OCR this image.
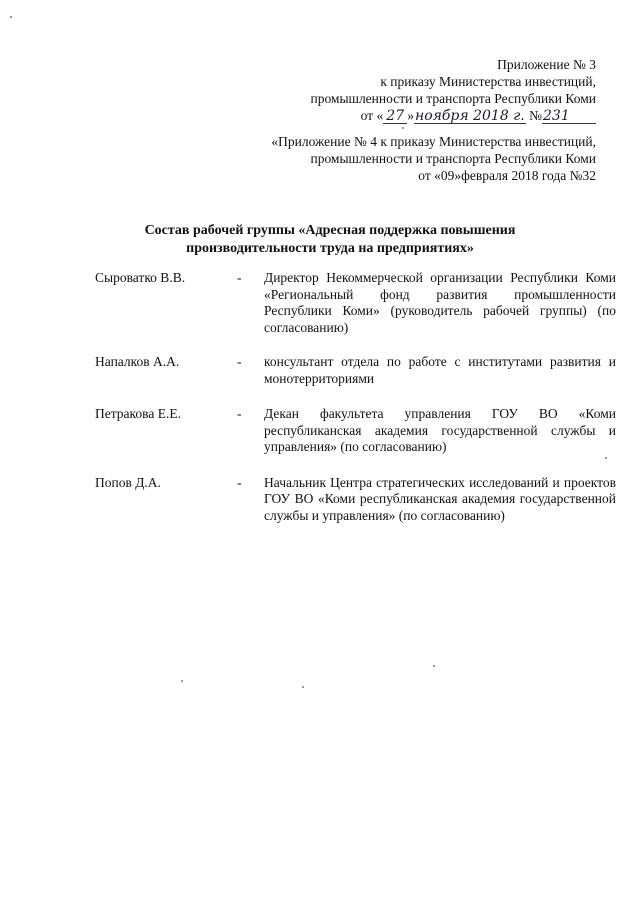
Приложение № 3
к приказу Министерства инвестиций,
промышленности и транспорта Республики Коми
от « 27 »ноября 2018 г. №231
«Приложение № 4 к приказу Министерства инвестиций,
промышленности и транспорта Республики Коми
от «09»февраля 2018 года №32
Состав рабочей группы «Адресная поддержка повышения
производительности труда на предприятиях»
Сыроватко В.В.	-	Директор Некоммерческой организации Республики Коми «Региональный фонд развития промышленности Республики Коми» (руководитель рабочей группы) (по согласованию)
Напалков А.А.	-	консультант отдела по работе с институтами развития и монотерриториями
Петракова Е.Е.	-	Декан факультета управления ГОУ ВО «Коми республиканская академия государственной службы и управления» (по согласованию)
Попов Д.А.	-	Начальник Центра стратегических исследований и проектов ГОУ ВО «Коми республиканская академия государственной службы и управления» (по согласованию)
